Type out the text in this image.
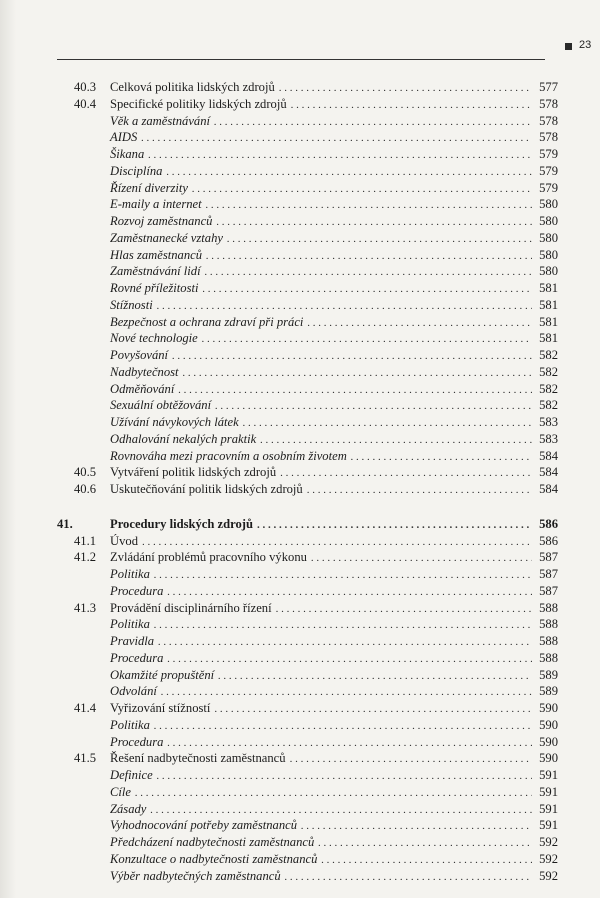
23
40.3 Celková politika lidských zdrojů . . .	577
40.4 Specifické politiky lidských zdrojů . . .	578
Věk a zaměstnávání . . .	578
AIDS . . .	578
Šikana . . .	579
Disciplína . . .	579
Řízení diverzity . . .	579
E-maily a internet . . .	580
Rozvoj zaměstnanců . . .	580
Zaměstnanecké vztahy . . .	580
Hlas zaměstnanců . . .	580
Zaměstnávání lidí . . .	580
Rovné příležitosti . . .	581
Stížnosti . . .	581
Bezpečnost a ochrana zdraví při práci . . .	581
Nové technologie . . .	581
Povyšování . . .	582
Nadbytečnost . . .	582
Odměňování . . .	582
Sexuální obtěžování . . .	582
Užívání návykových látek . . .	583
Odhalování nekalých praktik . . .	583
Rovnováha mezi pracovním a osobním životem . . .	584
40.5 Vytváření politik lidských zdrojů . . .	584
40.6 Uskutečňování politik lidských zdrojů . . .	584
41.	Procedury lidských zdrojů . . .	586
41.1 Úvod . . .	586
41.2 Zvládání problémů pracovního výkonu . . .	587
Politika . . .	587
Procedura . . .	587
41.3 Provádění disciplinárního řízení . . .	588
Politika . . .	588
Pravidla . . .	588
Procedura . . .	588
Okamžité propuštění . . .	589
Odvolání . . .	589
41.4 Vyřizování stížností . . .	590
Politika . . .	590
Procedura . . .	590
41.5 Řešení nadbytečnosti zaměstnanců . . .	590
Definice . . .	591
Cíle . . .	591
Zásady . . .	591
Vyhodnocování potřeby zaměstnanců . . .	591
Předcházení nadbytečnosti zaměstnanců . . .	592
Konzultace o nadbytečnosti zaměstnanců . . .	592
Výběr nadbytečných zaměstnanců . . .	592
